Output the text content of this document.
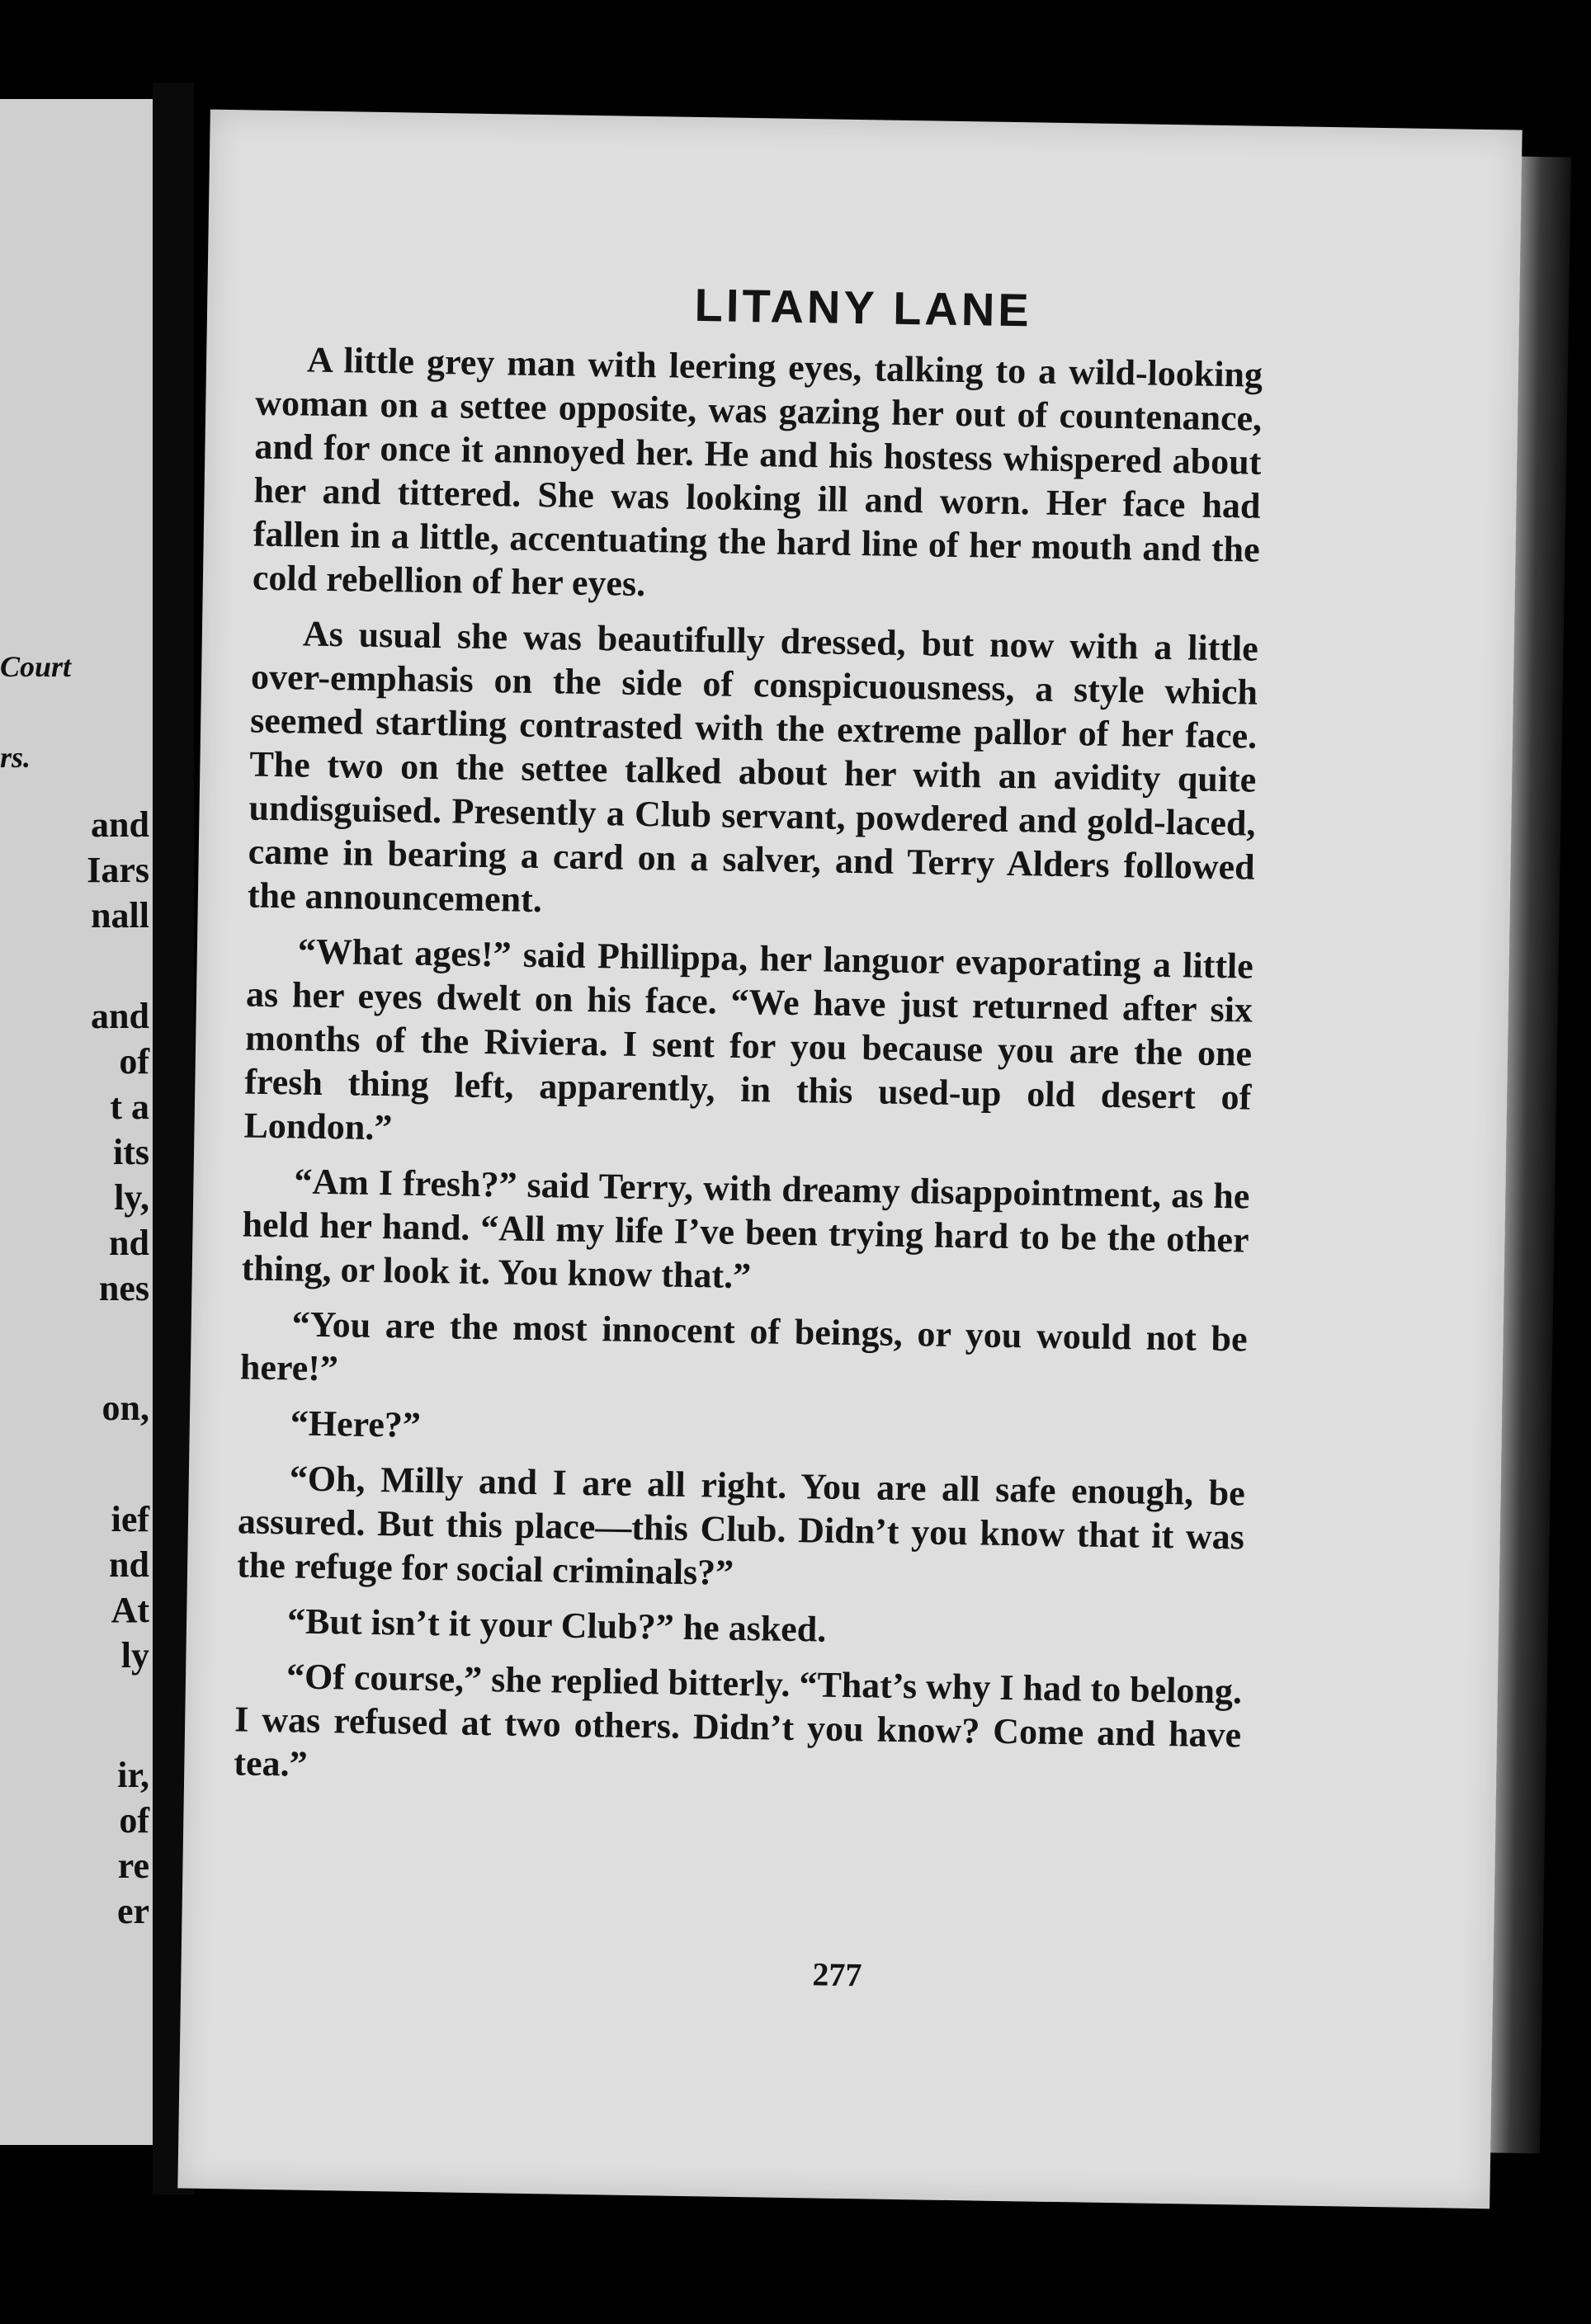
Court
rs.
and
Iars
nall
and
of
t a
its
ly,
nd
nes
on,
ief
nd
At
ly
ir,
of
re
er
LITANY LANE

A little grey man with leering eyes, talking to a wild-looking woman on a settee opposite, was gazing her out of countenance, and for once it annoyed her. He and his hostess whispered about her and tittered. She was looking ill and worn. Her face had fallen in a little, accentuating the hard line of her mouth and the cold rebellion of her eyes.

As usual she was beautifully dressed, but now with a little over-emphasis on the side of conspicuousness, a style which seemed startling contrasted with the extreme pallor of her face. The two on the settee talked about her with an avidity quite undisguised. Presently a Club servant, powdered and gold-laced, came in bearing a card on a salver, and Terry Alders followed the announcement.

“What ages!” said Phillippa, her languor evaporating a little as her eyes dwelt on his face. “We have just returned after six months of the Riviera. I sent for you because you are the one fresh thing left, apparently, in this used-up old desert of London.”

“Am I fresh?” said Terry, with dreamy disappointment, as he held her hand. “All my life I’ve been trying hard to be the other thing, or look it. You know that.”

“You are the most innocent of beings, or you would not be here!”

“Here?”

“Oh, Milly and I are all right. You are all safe enough, be assured. But this place—this Club. Didn’t you know that it was the refuge for social criminals?”

“But isn’t it your Club?” he asked.

“Of course,” she replied bitterly. “That’s why I had to belong. I was refused at two others. Didn’t you know? Come and have tea.”

277
